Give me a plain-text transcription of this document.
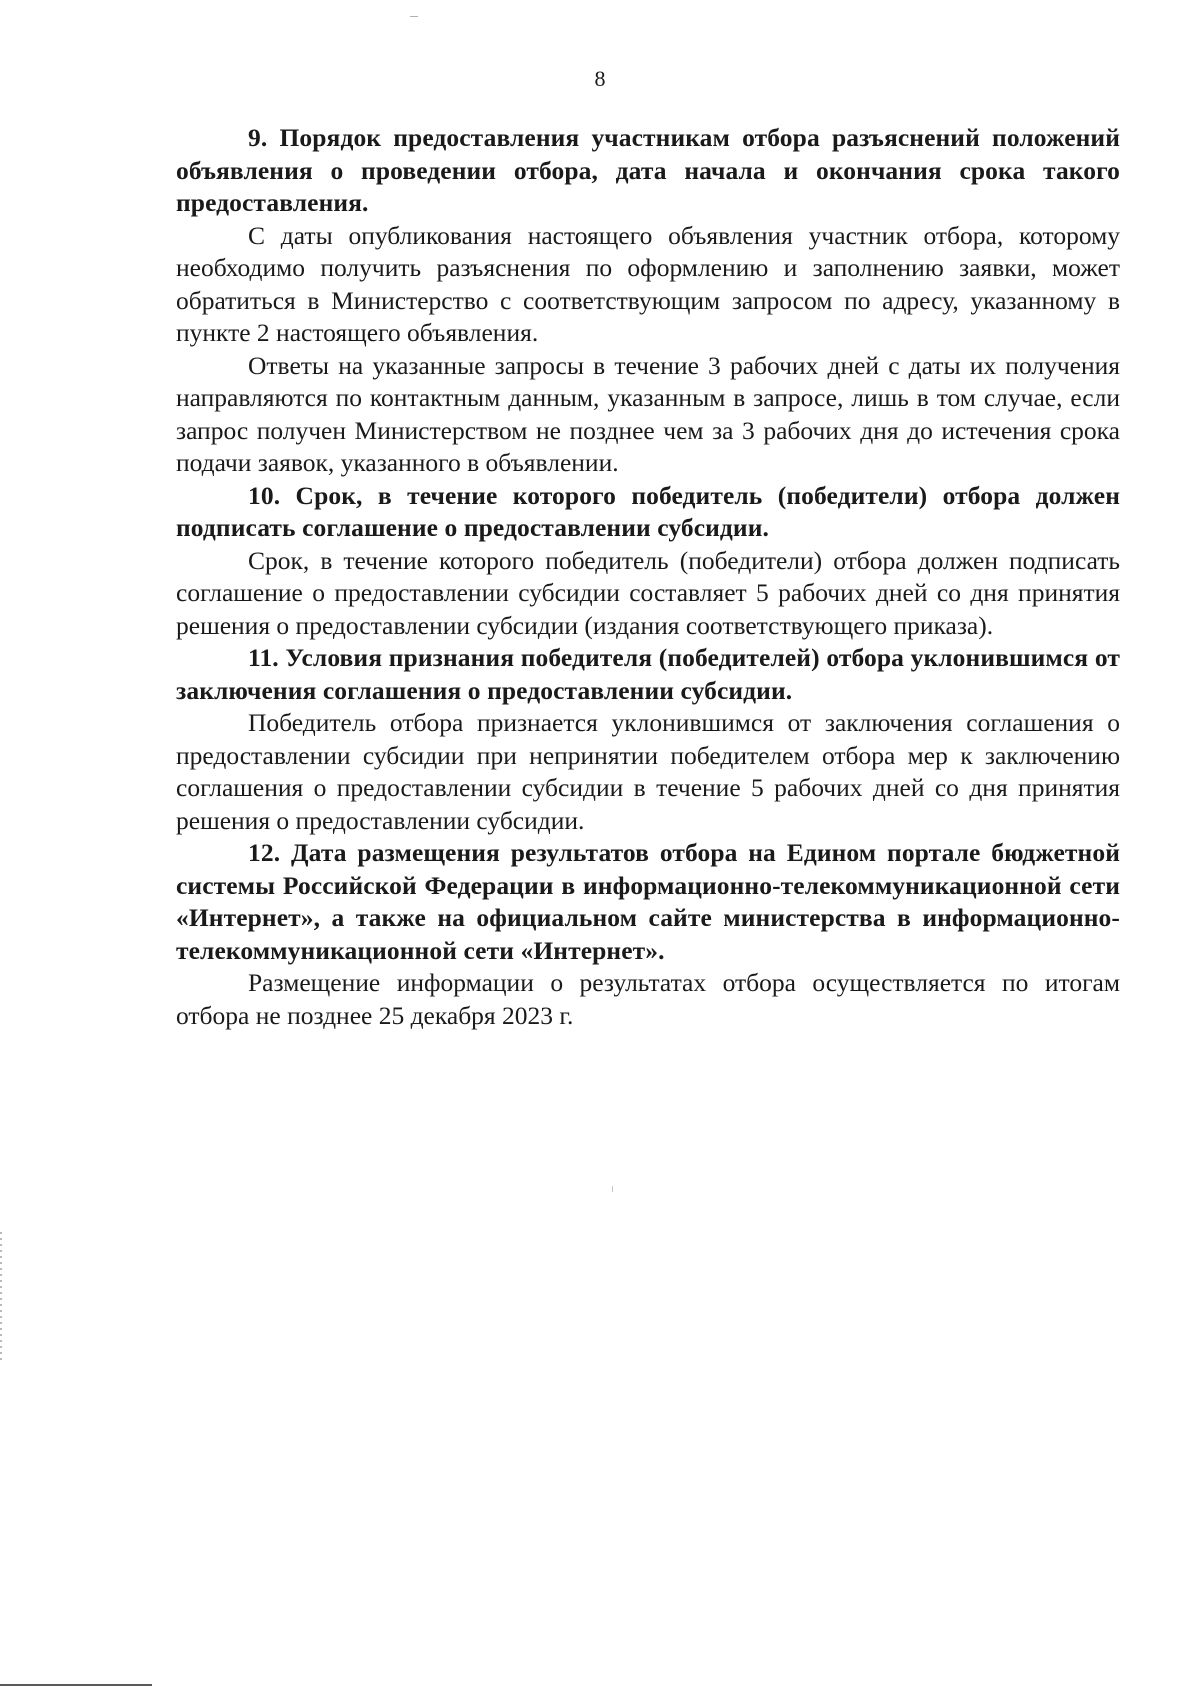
8

9. Порядок предоставления участникам отбора разъяснений положений объявления о проведении отбора, дата начала и окончания срока такого предоставления.

С даты опубликования настоящего объявления участник отбора, которому необходимо получить разъяснения по оформлению и заполнению заявки, может обратиться в Министерство с соответствующим запросом по адресу, указанному в пункте 2 настоящего объявления.

Ответы на указанные запросы в течение 3 рабочих дней с даты их получения направляются по контактным данным, указанным в запросе, лишь в том случае, если запрос получен Министерством не позднее чем за 3 рабочих дня до истечения срока подачи заявок, указанного в объявлении.

10. Срок, в течение которого победитель (победители) отбора должен подписать соглашение о предоставлении субсидии.

Срок, в течение которого победитель (победители) отбора должен подписать соглашение о предоставлении субсидии составляет 5 рабочих дней со дня принятия решения о предоставлении субсидии (издания соответствующего приказа).

11. Условия признания победителя (победителей) отбора уклонившимся от заключения соглашения о предоставлении субсидии.

Победитель отбора признается уклонившимся от заключения соглашения о предоставлении субсидии при непринятии победителем отбора мер к заключению соглашения о предоставлении субсидии в течение 5 рабочих дней со дня принятия решения о предоставлении субсидии.

12. Дата размещения результатов отбора на Едином портале бюджетной системы Российской Федерации в информационно-телекоммуникационной сети «Интернет», а также на официальном сайте министерства в информационно-телекоммуникационной сети «Интернет».

Размещение информации о результатах отбора осуществляется по итогам отбора не позднее 25 декабря 2023 г.
